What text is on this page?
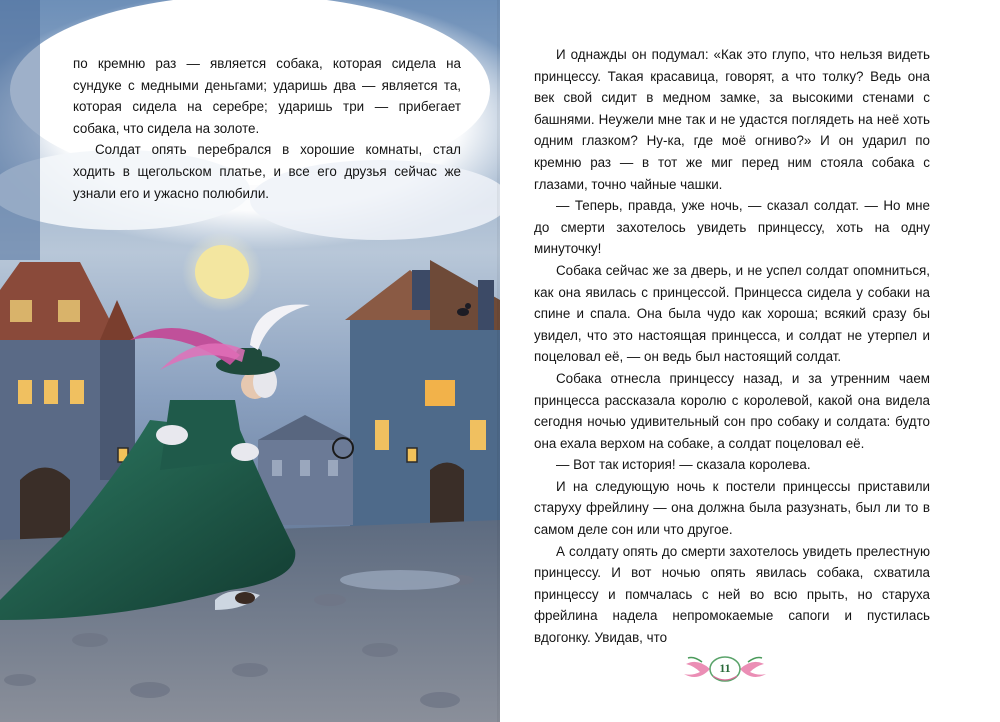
по кремню раз — является собака, которая сидела на сундуке с медными деньгами; ударишь два — является та, которая сидела на серебре; ударишь три — прибегает собака, что сидела на золоте.

Солдат опять перебрался в хорошие комнаты, стал ходить в щегольском платье, и все его друзья сейчас же узнали его и ужасно полюбили.

И однажды он подумал: «Как это глупо, что нельзя видеть принцессу. Такая красавица, говорят, а что толку? Ведь она век свой сидит в медном замке, за высокими стенами с башнями. Неужели мне так и не удастся поглядеть на неё хоть одним глазком? Ну-ка, где моё огниво?» И он ударил по кремню раз — в тот же миг перед ним стояла собака с глазами, точно чайные чашки.

— Теперь, правда, уже ночь, — сказал солдат. — Но мне до смерти захотелось увидеть принцессу, хоть на одну минуточку!

Собака сейчас же за дверь, и не успел солдат опомниться, как она явилась с принцессой. Принцесса сидела у собаки на спине и спала. Она была чудо как хороша; всякий сразу бы увидел, что это настоящая принцесса, и солдат не утерпел и поцеловал её, — он ведь был настоящий солдат.

Собака отнесла принцессу назад, и за утренним чаем принцесса рассказала королю с королевой, какой она видела сегодня ночью удивительный сон про собаку и солдата: будто она ехала верхом на собаке, а солдат поцеловал её.

— Вот так история! — сказала королева.

И на следующую ночь к постели принцессы приставили старуху фрейлину — она должна была разузнать, был ли то в самом деле сон или что другое.

А солдату опять до смерти захотелось увидеть прелестную принцессу. И вот ночью опять явилась собака, схватила принцессу и помчалась с ней во всю прыть, но старуха фрейлина надела непромокаемые сапоги и пустилась вдогонку. Увидав, что

11
